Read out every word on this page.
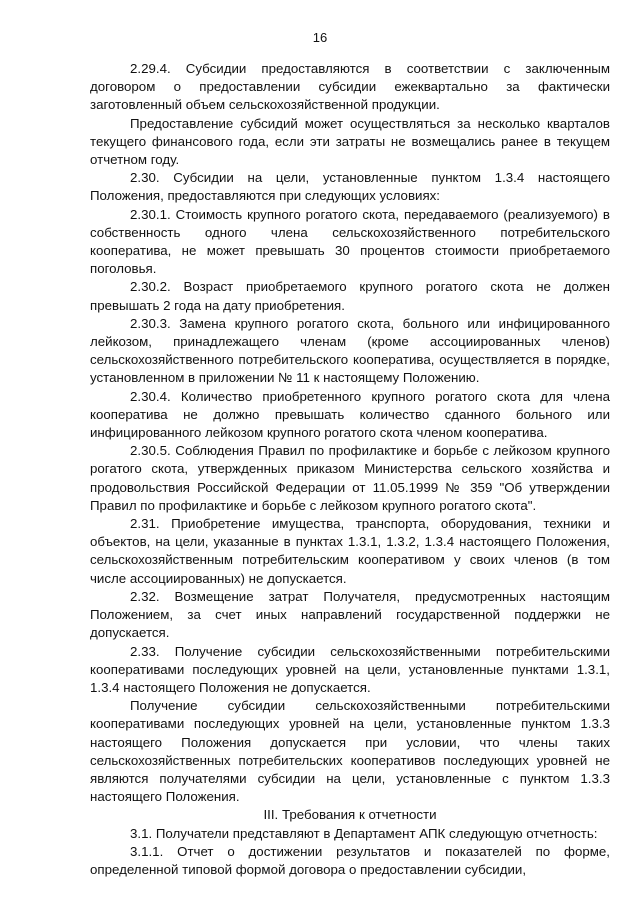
16

2.29.4. Субсидии предоставляются в соответствии с заключенным договором о предоставлении субсидии ежеквартально за фактически заготовленный объем сельскохозяйственной продукции.

Предоставление субсидий может осуществляться за несколько кварталов текущего финансового года, если эти затраты не возмещались ранее в текущем отчетном году.

2.30. Субсидии на цели, установленные пунктом 1.3.4 настоящего Положения, предоставляются при следующих условиях:

2.30.1. Стоимость крупного рогатого скота, передаваемого (реализуемого) в собственность одного члена сельскохозяйственного потребительского кооператива, не может превышать 30 процентов стоимости приобретаемого поголовья.

2.30.2. Возраст приобретаемого крупного рогатого скота не должен превышать 2 года на дату приобретения.

2.30.3. Замена крупного рогатого скота, больного или инфицированного лейкозом, принадлежащего членам (кроме ассоциированных членов) сельскохозяйственного потребительского кооператива, осуществляется в порядке, установленном в приложении № 11 к настоящему Положению.

2.30.4. Количество приобретенного крупного рогатого скота для члена кооператива не должно превышать количество сданного больного или инфицированного лейкозом крупного рогатого скота членом кооператива.

2.30.5. Соблюдения Правил по профилактике и борьбе с лейкозом крупного рогатого скота, утвержденных приказом Министерства сельского хозяйства и продовольствия Российской Федерации от 11.05.1999 № 359 "Об утверждении Правил по профилактике и борьбе с лейкозом крупного рогатого скота".

2.31. Приобретение имущества, транспорта, оборудования, техники и объектов, на цели, указанные в пунктах 1.3.1, 1.3.2, 1.3.4 настоящего Положения, сельскохозяйственным потребительским кооперативом у своих членов (в том числе ассоциированных) не допускается.

2.32. Возмещение затрат Получателя, предусмотренных настоящим Положением, за счет иных направлений государственной поддержки не допускается.

2.33. Получение субсидии сельскохозяйственными потребительскими кооперативами последующих уровней на цели, установленные пунктами 1.3.1, 1.3.4 настоящего Положения не допускается.

Получение субсидии сельскохозяйственными потребительскими кооперативами последующих уровней на цели, установленные пунктом 1.3.3 настоящего Положения допускается при условии, что члены таких сельскохозяйственных потребительских кооперативов последующих уровней не являются получателями субсидии на цели, установленные с пунктом 1.3.3 настоящего Положения.

III. Требования к отчетности

3.1. Получатели представляют в Департамент АПК следующую отчетность:

3.1.1. Отчет о достижении результатов и показателей по форме, определенной типовой формой договора о предоставлении субсидии,
